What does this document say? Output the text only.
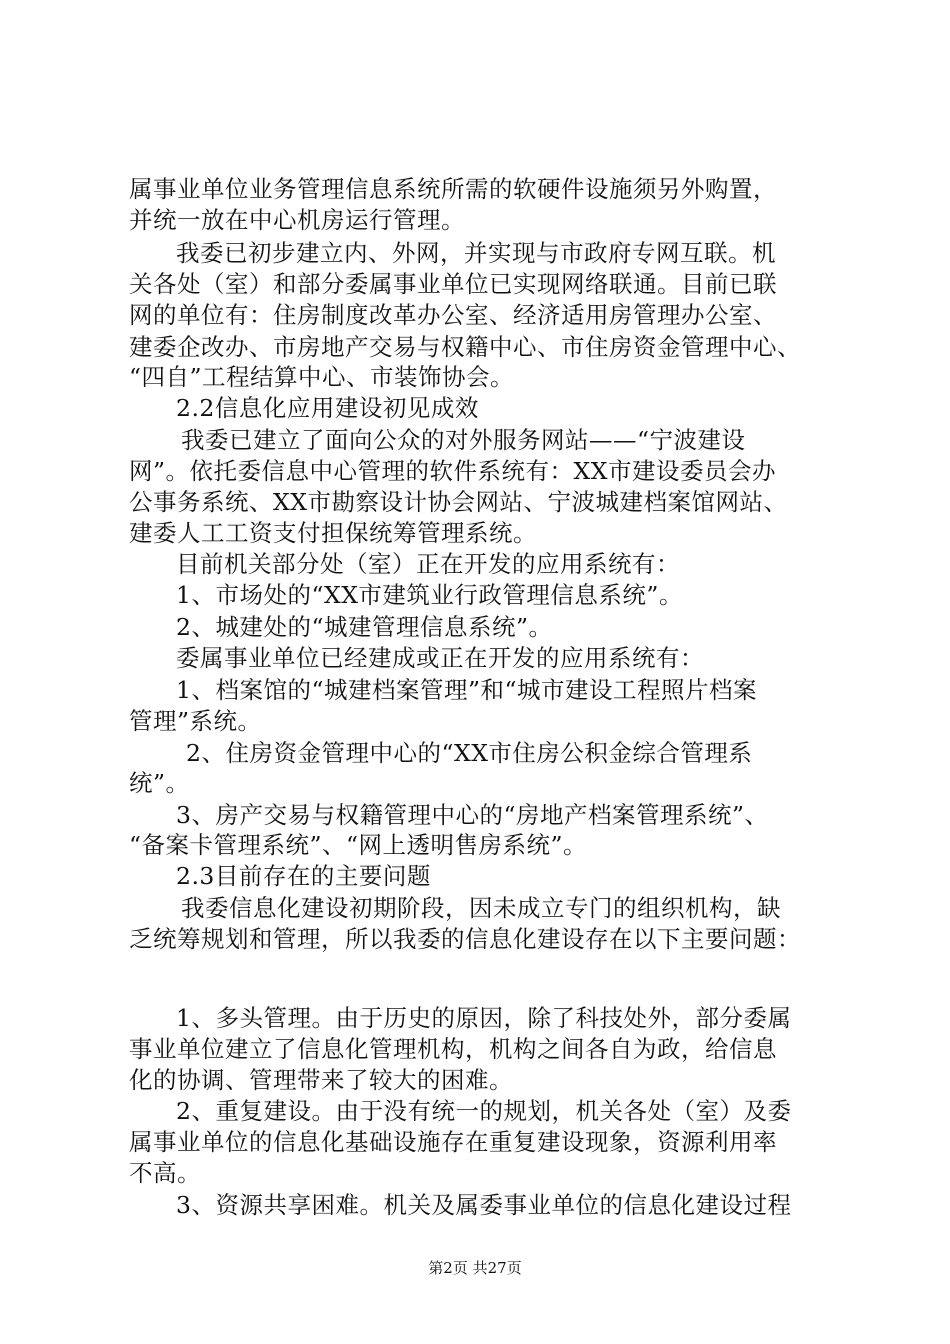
属事业单位业务管理信息系统所需的软硬件设施须另外购置，
并统一放在中心机房运行管理。
我委已初步建立内、外网，并实现与市政府专网互联。机
关各处（室）和部分委属事业单位已实现网络联通。目前已联
网的单位有：住房制度改革办公室、经济适用房管理办公室、
建委企改办、市房地产交易与权籍中心、市住房资金管理中心、
“四自”工程结算中心、市装饰协会。
2.2信息化应用建设初见成效
我委已建立了面向公众的对外服务网站——“宁波建设
网”。依托委信息中心管理的软件系统有：XX市建设委员会办
公事务系统、XX市勘察设计协会网站、宁波城建档案馆网站、
建委人工工资支付担保统筹管理系统。
目前机关部分处（室）正在开发的应用系统有：
1、市场处的“XX市建筑业行政管理信息系统”。
2、城建处的“城建管理信息系统”。
委属事业单位已经建成或正在开发的应用系统有：
1、档案馆的“城建档案管理”和“城市建设工程照片档案
管理”系统。
2、住房资金管理中心的“XX市住房公积金综合管理系
统”。
3、房产交易与权籍管理中心的“房地产档案管理系统”、
“备案卡管理系统”、“网上透明售房系统”。
2.3目前存在的主要问题
我委信息化建设初期阶段，因未成立专门的组织机构，缺
乏统筹规划和管理，所以我委的信息化建设存在以下主要问题：
1、多头管理。由于历史的原因，除了科技处外，部分委属
事业单位建立了信息化管理机构，机构之间各自为政，给信息
化的协调、管理带来了较大的困难。
2、重复建设。由于没有统一的规划，机关各处（室）及委
属事业单位的信息化基础设施存在重复建设现象，资源利用率
不高。
3、资源共享困难。机关及属委事业单位的信息化建设过程
第2页 共27页
